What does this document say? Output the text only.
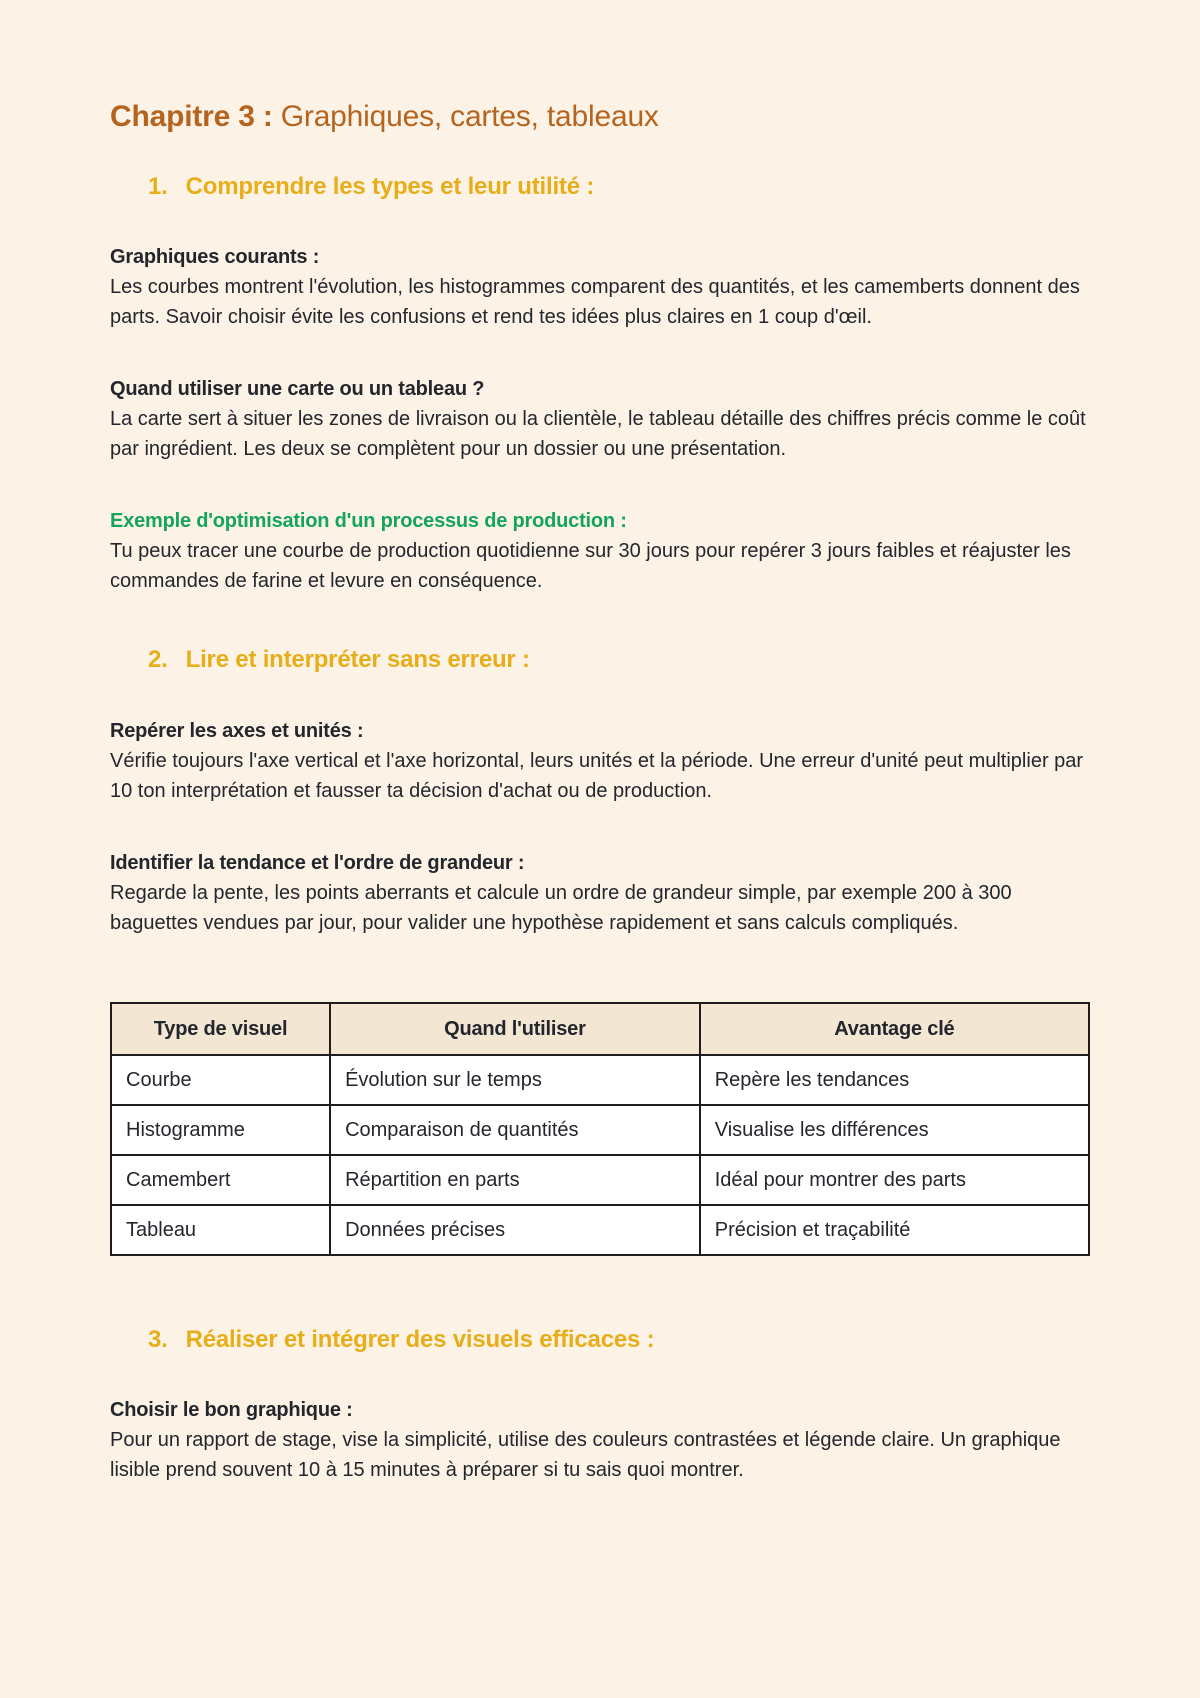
Chapitre 3 : Graphiques, cartes, tableaux
1. Comprendre les types et leur utilité :
Graphiques courants :

Les courbes montrent l'évolution, les histogrammes comparent des quantités, et les camemberts donnent des parts. Savoir choisir évite les confusions et rend tes idées plus claires en 1 coup d'œil.

Quand utiliser une carte ou un tableau ?

La carte sert à situer les zones de livraison ou la clientèle, le tableau détaille des chiffres précis comme le coût par ingrédient. Les deux se complètent pour un dossier ou une présentation.

Exemple d'optimisation d'un processus de production :

Tu peux tracer une courbe de production quotidienne sur 30 jours pour repérer 3 jours faibles et réajuster les commandes de farine et levure en conséquence.

2. Lire et interpréter sans erreur :
Repérer les axes et unités :

Vérifie toujours l'axe vertical et l'axe horizontal, leurs unités et la période. Une erreur d'unité peut multiplier par 10 ton interprétation et fausser ta décision d'achat ou de production.

Identifier la tendance et l'ordre de grandeur :

Regarde la pente, les points aberrants et calcule un ordre de grandeur simple, par exemple 200 à 300 baguettes vendues par jour, pour valider une hypothèse rapidement et sans calculs compliqués.

Type de visuel	Quand l'utiliser	Avantage clé
Courbe	Évolution sur le temps	Repère les tendances
Histogramme	Comparaison de quantités	Visualise les différences
Camembert	Répartition en parts	Idéal pour montrer des parts
Tableau	Données précises	Précision et traçabilité
3. Réaliser et intégrer des visuels efficaces :
Choisir le bon graphique :

Pour un rapport de stage, vise la simplicité, utilise des couleurs contrastées et légende claire. Un graphique lisible prend souvent 10 à 15 minutes à préparer si tu sais quoi montrer.
